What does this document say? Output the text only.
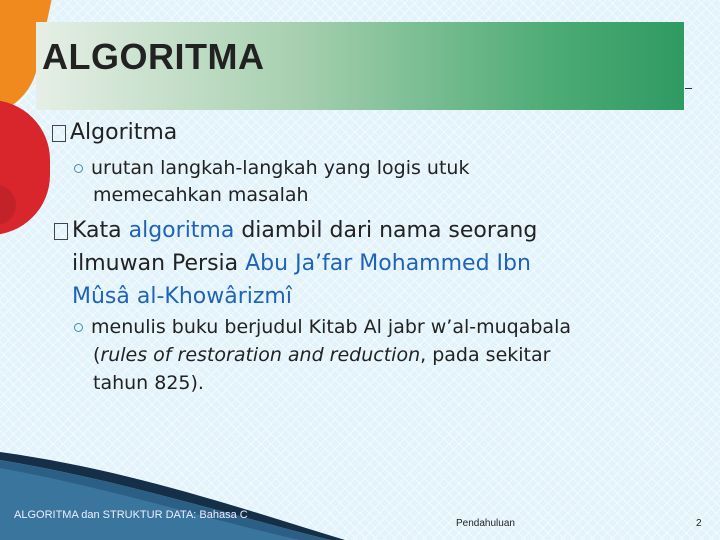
ALGORITMA
Algoritma
urutan langkah-langkah yang logis utuk
memecahkan masalah
Kata algoritma diambil dari nama seorang
ilmuwan Persia Abu Ja’far Mohammed Ibn
Mûsâ al-Khowârizmî
menulis buku berjudul Kitab Al jabr w’al-muqabala
(rules of restoration and reduction, pada sekitar
tahun 825).
ALGORITMA dan STRUKTUR DATA: Bahasa C
Pendahuluan	2
